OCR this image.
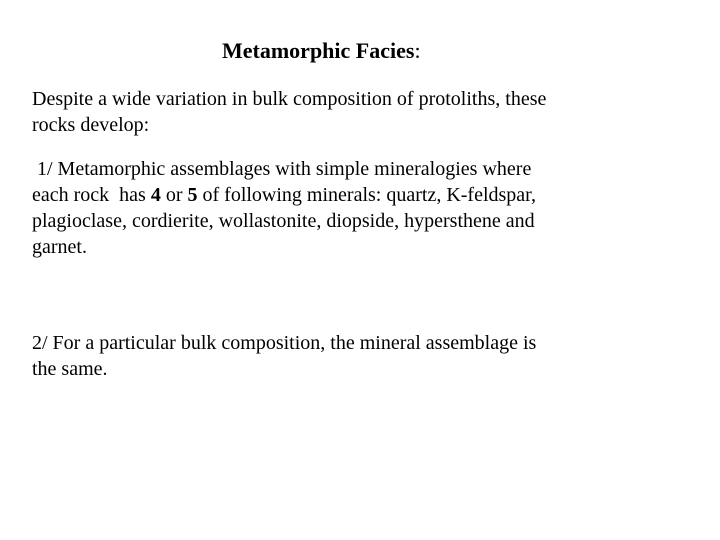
Metamorphic Facies:
Despite a wide variation in bulk composition of protoliths, these
rocks develop:
1/ Metamorphic assemblages with simple mineralogies where
each rock  has 4 or 5 of following minerals: quartz, K-feldspar,
plagioclase, cordierite, wollastonite, diopside, hypersthene and
garnet.
2/ For a particular bulk composition, the mineral assemblage is
the same.
